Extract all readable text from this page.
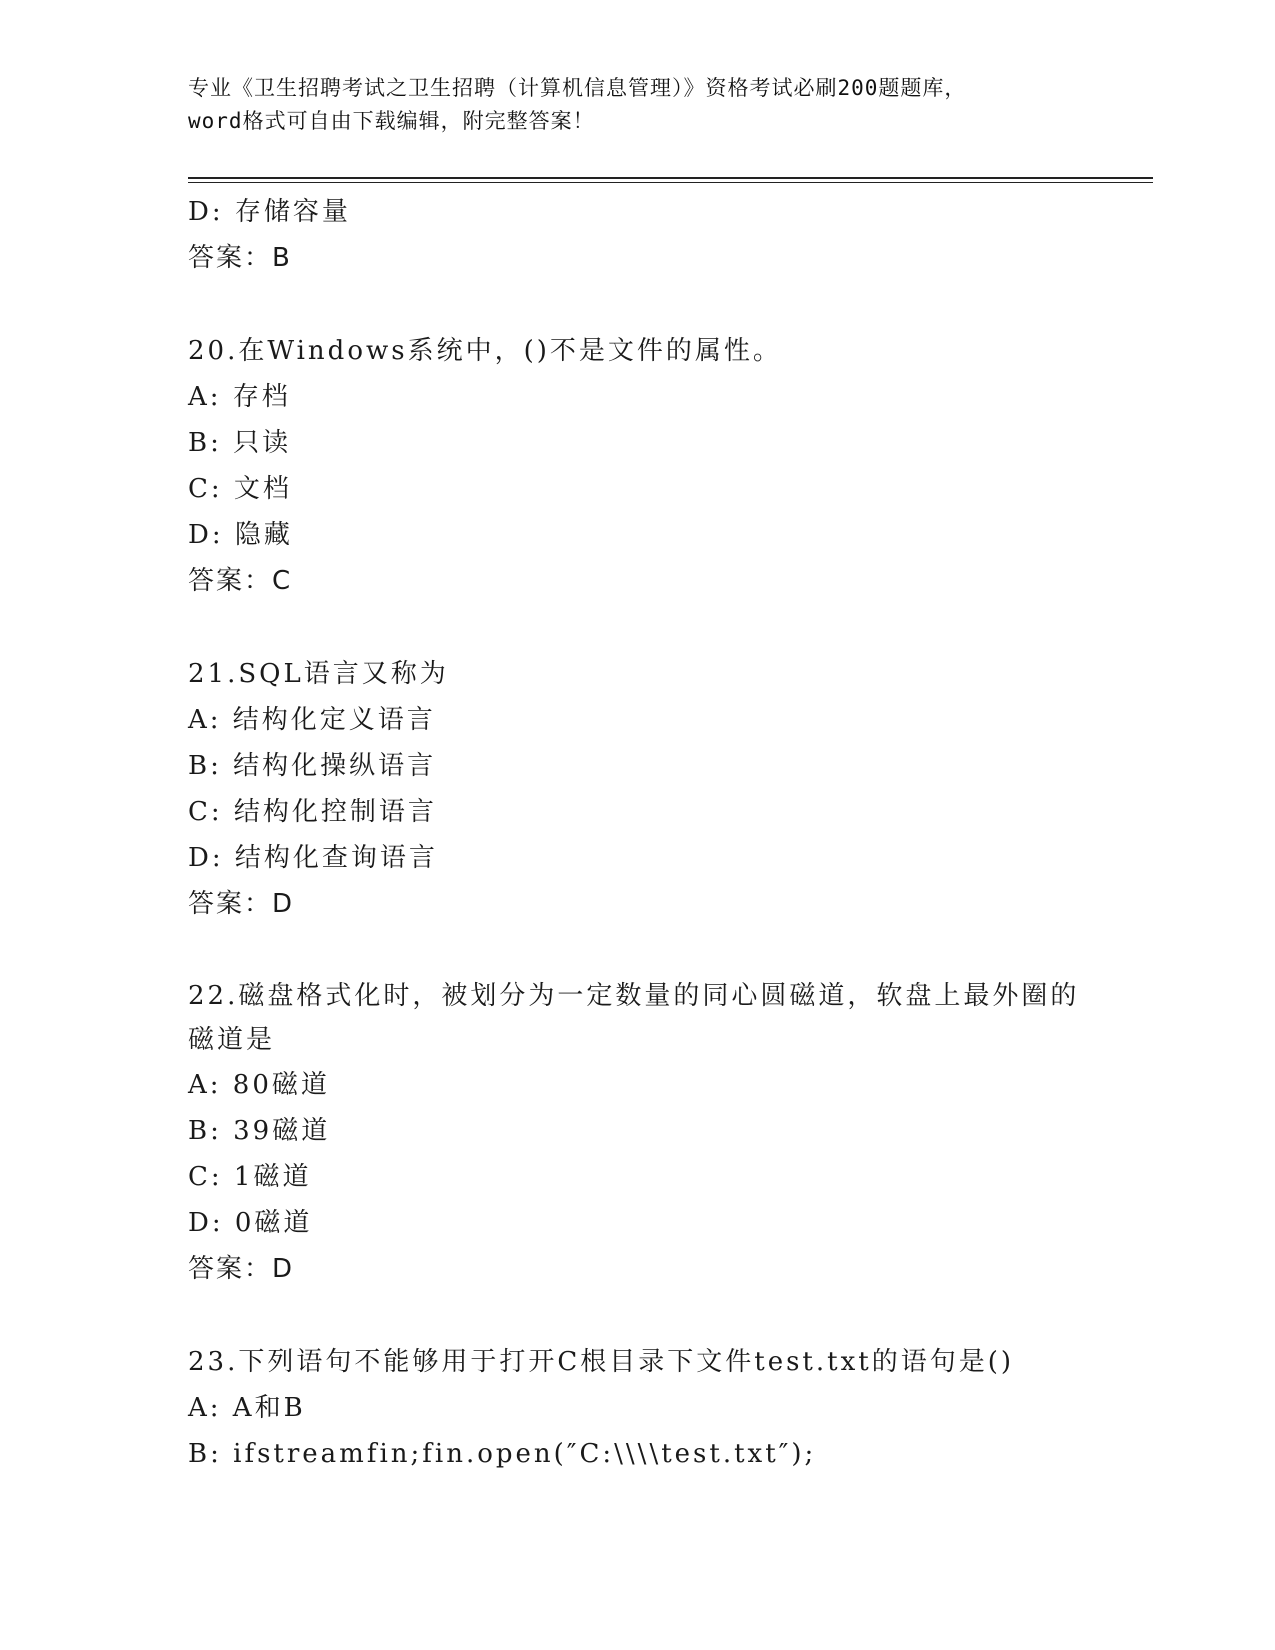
专业《卫生招聘考试之卫生招聘（计算机信息管理）》资格考试必刷200题题库，
word格式可自由下载编辑，附完整答案！
D: 存储容量
答案：B
20.在Windows系统中，()不是文件的属性。
A: 存档
B: 只读
C: 文档
D: 隐藏
答案：C
21.SQL语言又称为
A: 结构化定义语言
B: 结构化操纵语言
C: 结构化控制语言
D: 结构化查询语言
答案：D
22.磁盘格式化时，被划分为一定数量的同心圆磁道，软盘上最外圈的
磁道是
A: 80磁道
B: 39磁道
C: 1磁道
D: 0磁道
答案：D
23.下列语句不能够用于打开C根目录下文件test.txt的语句是()
A: A和B
B: ifstreamfin;fin.open(″C:\\\\test.txt″);
